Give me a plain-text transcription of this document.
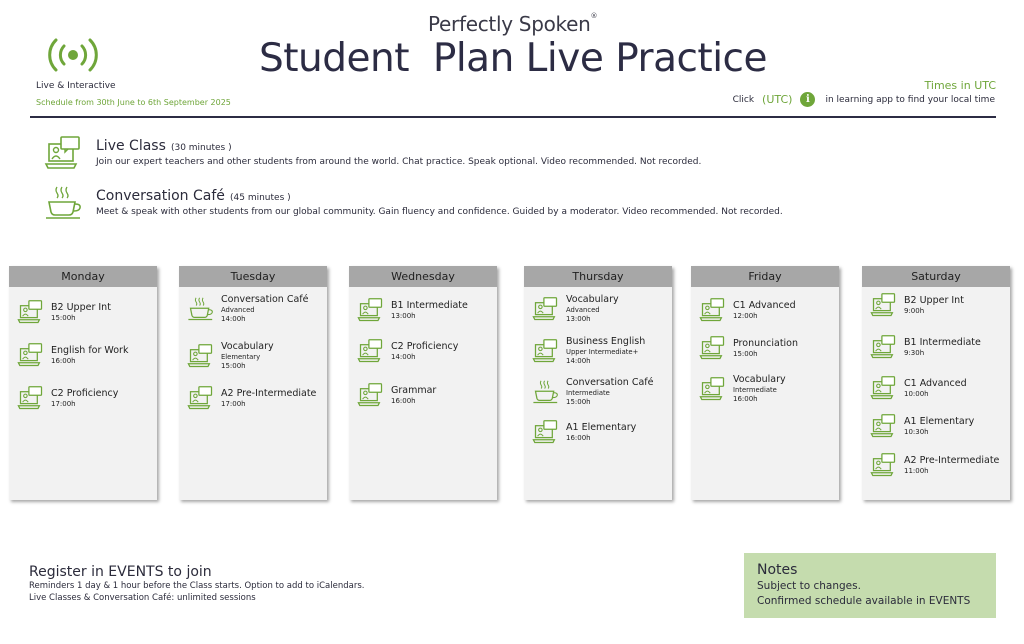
Perfectly Spoken®
Student  Plan Live Practice
Live & Interactive
Schedule from 30th June to 6th September 2025
Times in UTC
Click (UTC)	i	in learning app to find your local time
Live Class (30 minutes )
Join our expert teachers and other students from around the world. Chat practice. Speak optional. Video recommended. Not recorded.
Conversation Café (45 minutes )
Meet & speak with other students from our global community. Gain fluency and confidence. Guided by a moderator. Video recommended. Not recorded.
Monday
B2 Upper Int
15:00h
English for Work
16:00h
C2 Proficiency
17:00h
Tuesday
Conversation Café
Advanced
14:00h
Vocabulary
Elementary
15:00h
A2 Pre-Intermediate
17:00h
Wednesday
B1 Intermediate
13:00h
C2 Proficiency
14:00h
Grammar
16:00h
Thursday
Vocabulary
Advanced
13:00h
Business English
Upper Intermediate+
14:00h
Conversation Café
Intermediate
15:00h
A1 Elementary
16:00h
Friday
C1 Advanced
12:00h
Pronunciation
15:00h
Vocabulary
Intermediate
16:00h
Saturday
B2 Upper Int
9:00h
B1 Intermediate
9:30h
C1 Advanced
10:00h
A1 Elementary
10:30h
A2 Pre-Intermediate
11:00h
Register in EVENTS to join
Reminders 1 day & 1 hour before the Class starts. Option to add to iCalendars.
Live Classes & Conversation Café: unlimited sessions
Notes
Subject to changes.
Confirmed schedule available in EVENTS
